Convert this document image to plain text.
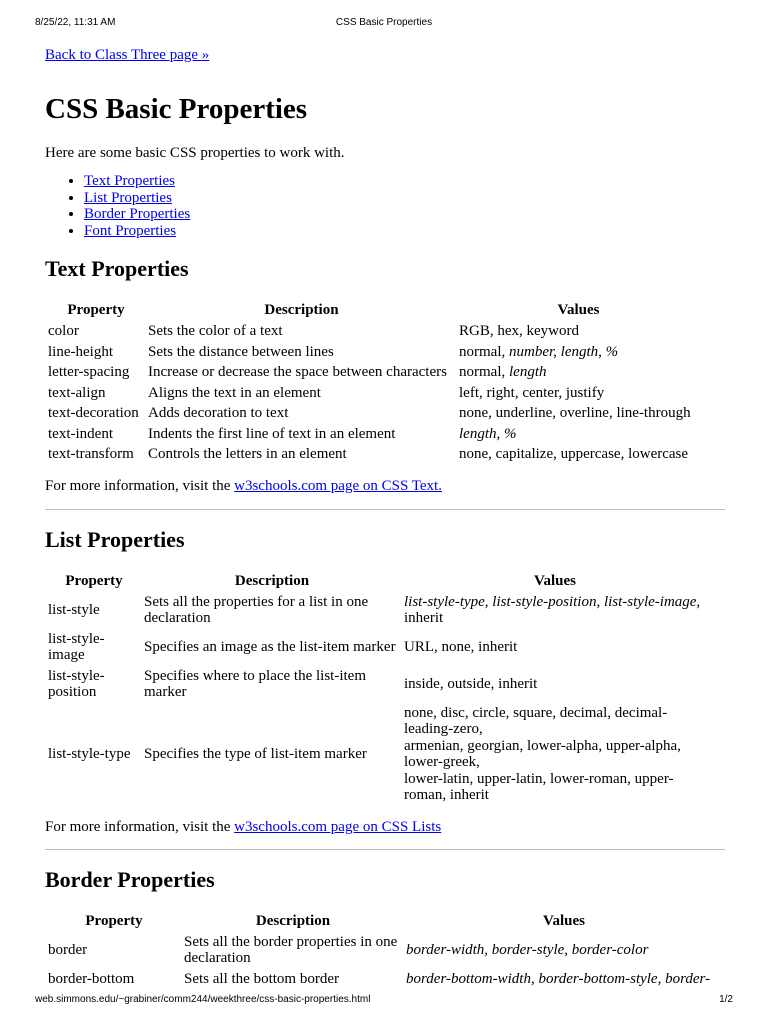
8/25/22, 11:31 AM	CSS Basic Properties
Back to Class Three page »
CSS Basic Properties

Here are some basic CSS properties to work with.

• Text Properties
• List Properties
• Border Properties
• Font Properties
Text Properties
Property	Description	Values
color	Sets the color of a text	RGB, hex, keyword
line-height	Sets the distance between lines	normal, number, length, %
letter-spacing	Increase or decrease the space between characters	normal, length
text-align	Aligns the text in an element	left, right, center, justify
text-decoration	Adds decoration to text	none, underline, overline, line-through
text-indent	Indents the first line of text in an element	length, %
text-transform	Controls the letters in an element	none, capitalize, uppercase, lowercase

For more information, visit the w3schools.com page on CSS Text.

List Properties
Property	Description	Values
list-style	Sets all the properties for a list in one declaration	list-style-type, list-style-position, list-style-image,
inherit
list-style-image	Specifies an image as the list-item marker	URL, none, inherit
list-style-position	Specifies where to place the list-item marker	inside, outside, inherit
list-style-type	Specifies the type of list-item marker	none, disc, circle, square, decimal, decimal-leading-zero,
armenian, georgian, lower-alpha, upper-alpha, lower-greek,
lower-latin, upper-latin, lower-roman, upper-roman, inherit

For more information, visit the w3schools.com page on CSS Lists

Border Properties
Property	Description	Values
border	Sets all the border properties in one declaration	border-width, border-style, border-color
border-bottom	Sets all the bottom border	border-bottom-width, border-bottom-style, border-
web.simmons.edu/~grabiner/comm244/weekthree/css-basic-properties.html	1/2
